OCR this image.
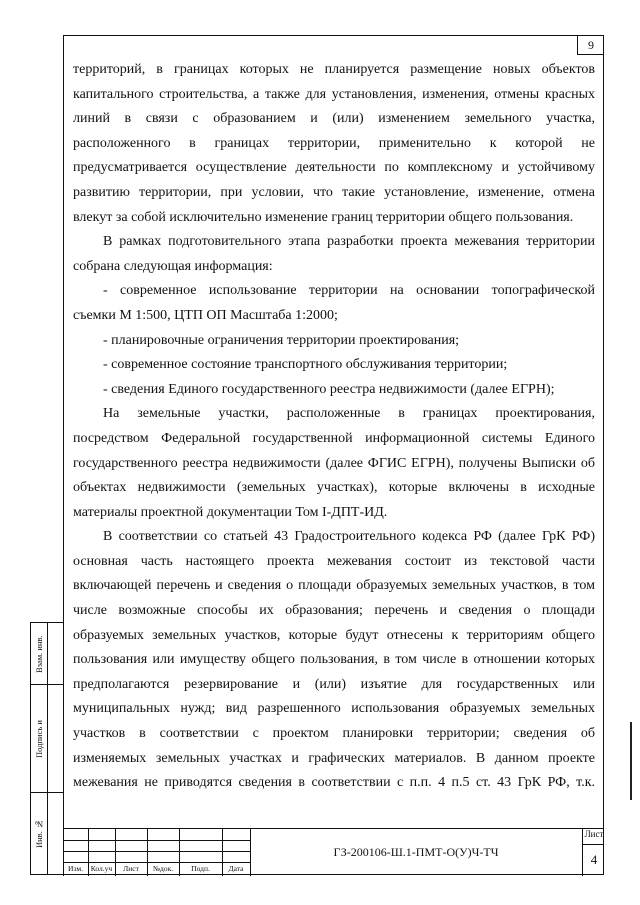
9

территорий, в границах которых не планируется размещение новых объектов

капитального строительства, а также для установления, изменения, отмены красных

линий в связи с образованием и (или) изменением земельного участка,

расположенного в границах территории, применительно к которой не

предусматривается осуществление деятельности по комплексному и устойчивому

развитию территории, при условии, что такие установление, изменение, отмена

влекут за собой исключительно изменение границ территории общего пользования.

В рамках подготовительного этапа разработки проекта межевания территории

собрана следующая информация:

- современное использование территории на основании топографической

съемки М 1:500, ЦТП ОП Масштаба 1:2000;

- планировочные ограничения территории проектирования;

- современное состояние транспортного обслуживания территории;

- сведения Единого государственного реестра недвижимости (далее ЕГРН);

На земельные участки, расположенные в границах проектирования,

посредством Федеральной государственной информационной системы Единого

государственного реестра недвижимости (далее ФГИС ЕГРН), получены Выписки об

объектах недвижимости (земельных участках), которые включены в исходные

материалы проектной документации Том I-ДПТ-ИД.

В соответствии со статьей 43 Градостроительного кодекса РФ (далее ГрК РФ)

основная часть настоящего проекта межевания состоит из текстовой части

включающей перечень и сведения о площади образуемых земельных участков, в том

числе возможные способы их образования; перечень и сведения о площади

образуемых земельных участков, которые будут отнесены к территориям общего

пользования или имуществу общего пользования, в том числе в отношении которых

предполагаются резервирование и (или) изъятие для государственных или

муниципальных нужд; вид разрешенного использования образуемых земельных

участков в соответствии с проектом планировки территории; сведения об

изменяемых земельных участках и графических материалов. В данном проекте

межевания не приводятся сведения в соответствии с п.п. 4 п.5 ст. 43 ГрК РФ, т.к.

Взам. инв.
Подпись и
Инв. №
Изм.	Кол.уч	Лист	№док.	Подп.	Дата
ГЗ-200106-Ш.1-ПМТ-О(У)Ч-ТЧ
Лист
4
